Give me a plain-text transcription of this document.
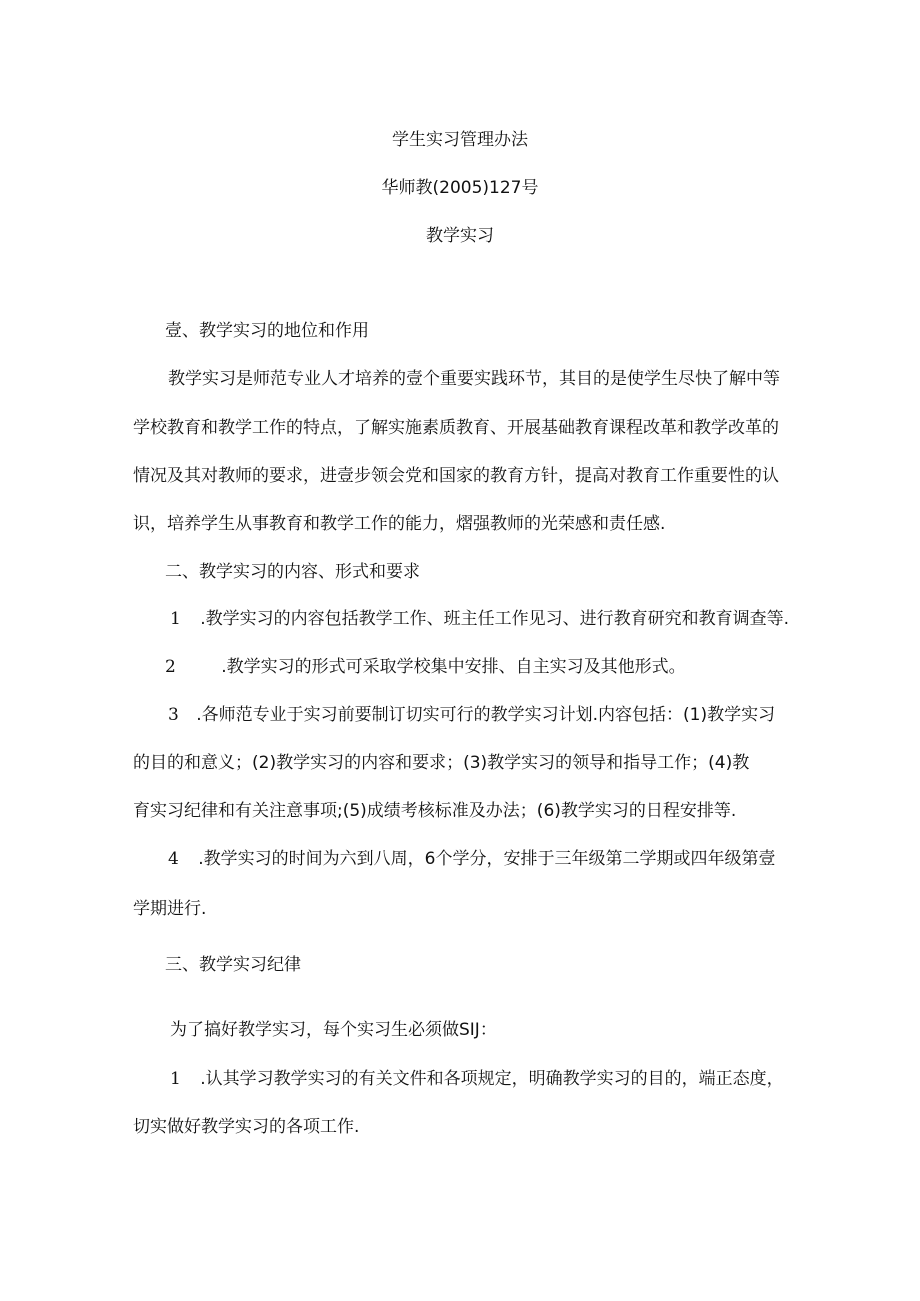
学生实习管理办法
华师教(2005)127号
教学实习
壹、教学实习的地位和作用
教学实习是师范专业人才培养的壹个重要实践环节，其目的是使学生尽快了解中等
学校教育和教学工作的特点，了解实施素质教育、开展基础教育课程改革和教学改革的
情况及其对教师的要求，进壹步领会党和国家的教育方针，提高对教育工作重要性的认
识，培养学生从事教育和教学工作的能力，熠强教师的光荣感和责任感.
二、教学实习的内容、形式和要求
1 .教学实习的内容包括教学工作、班主任工作见习、进行教育研究和教育调查等.
2	.教学实习的形式可采取学校集中安排、自主实习及其他形式。
3 .各师范专业于实习前要制订切实可行的教学实习计划.内容包括：(1)教学实习
的目的和意义；(2)教学实习的内容和要求；(3)教学实习的领导和指导工作；(4)教
育实习纪律和有关注意事项;(5)成绩考核标准及办法；(6)教学实习的日程安排等.
4 .教学实习的时间为六到八周，6个学分，安排于三年级第二学期或四年级第壹
学期进行.
三、教学实习纪律
为了搞好教学实习，每个实习生必须做SIJ：
1 .认其学习教学实习的有关文件和各项规定，明确教学实习的目的，端正态度，
切实做好教学实习的各项工作.
